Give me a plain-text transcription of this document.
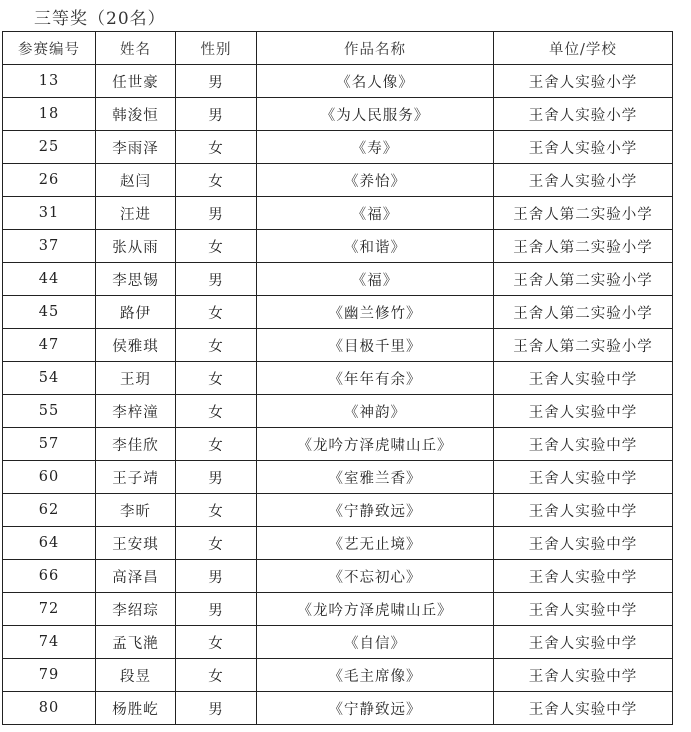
三等奖（20名）
参赛编号	姓名	性别	作品名称	单位/学校
13	任世豪	男	《名人像》	王舍人实验小学
18	韩浚恒	男	《为人民服务》	王舍人实验小学
25	李雨泽	女	《寿》	王舍人实验小学
26	赵闫	女	《养怡》	王舍人实验小学
31	汪进	男	《福》	王舍人第二实验小学
37	张从雨	女	《和谐》	王舍人第二实验小学
44	李思锡	男	《福》	王舍人第二实验小学
45	路伊	女	《幽兰修竹》	王舍人第二实验小学
47	侯雅琪	女	《目极千里》	王舍人第二实验小学
54	王玥	女	《年年有余》	王舍人实验中学
55	李梓潼	女	《神韵》	王舍人实验中学
57	李佳欣	女	《龙吟方泽虎啸山丘》	王舍人实验中学
60	王子靖	男	《室雅兰香》	王舍人实验中学
62	李昕	女	《宁静致远》	王舍人实验中学
64	王安琪	女	《艺无止境》	王舍人实验中学
66	高泽昌	男	《不忘初心》	王舍人实验中学
72	李绍琮	男	《龙吟方泽虎啸山丘》	王舍人实验中学
74	孟飞滟	女	《自信》	王舍人实验中学
79	段昱	女	《毛主席像》	王舍人实验中学
80	杨胜屹	男	《宁静致远》	王舍人实验中学
